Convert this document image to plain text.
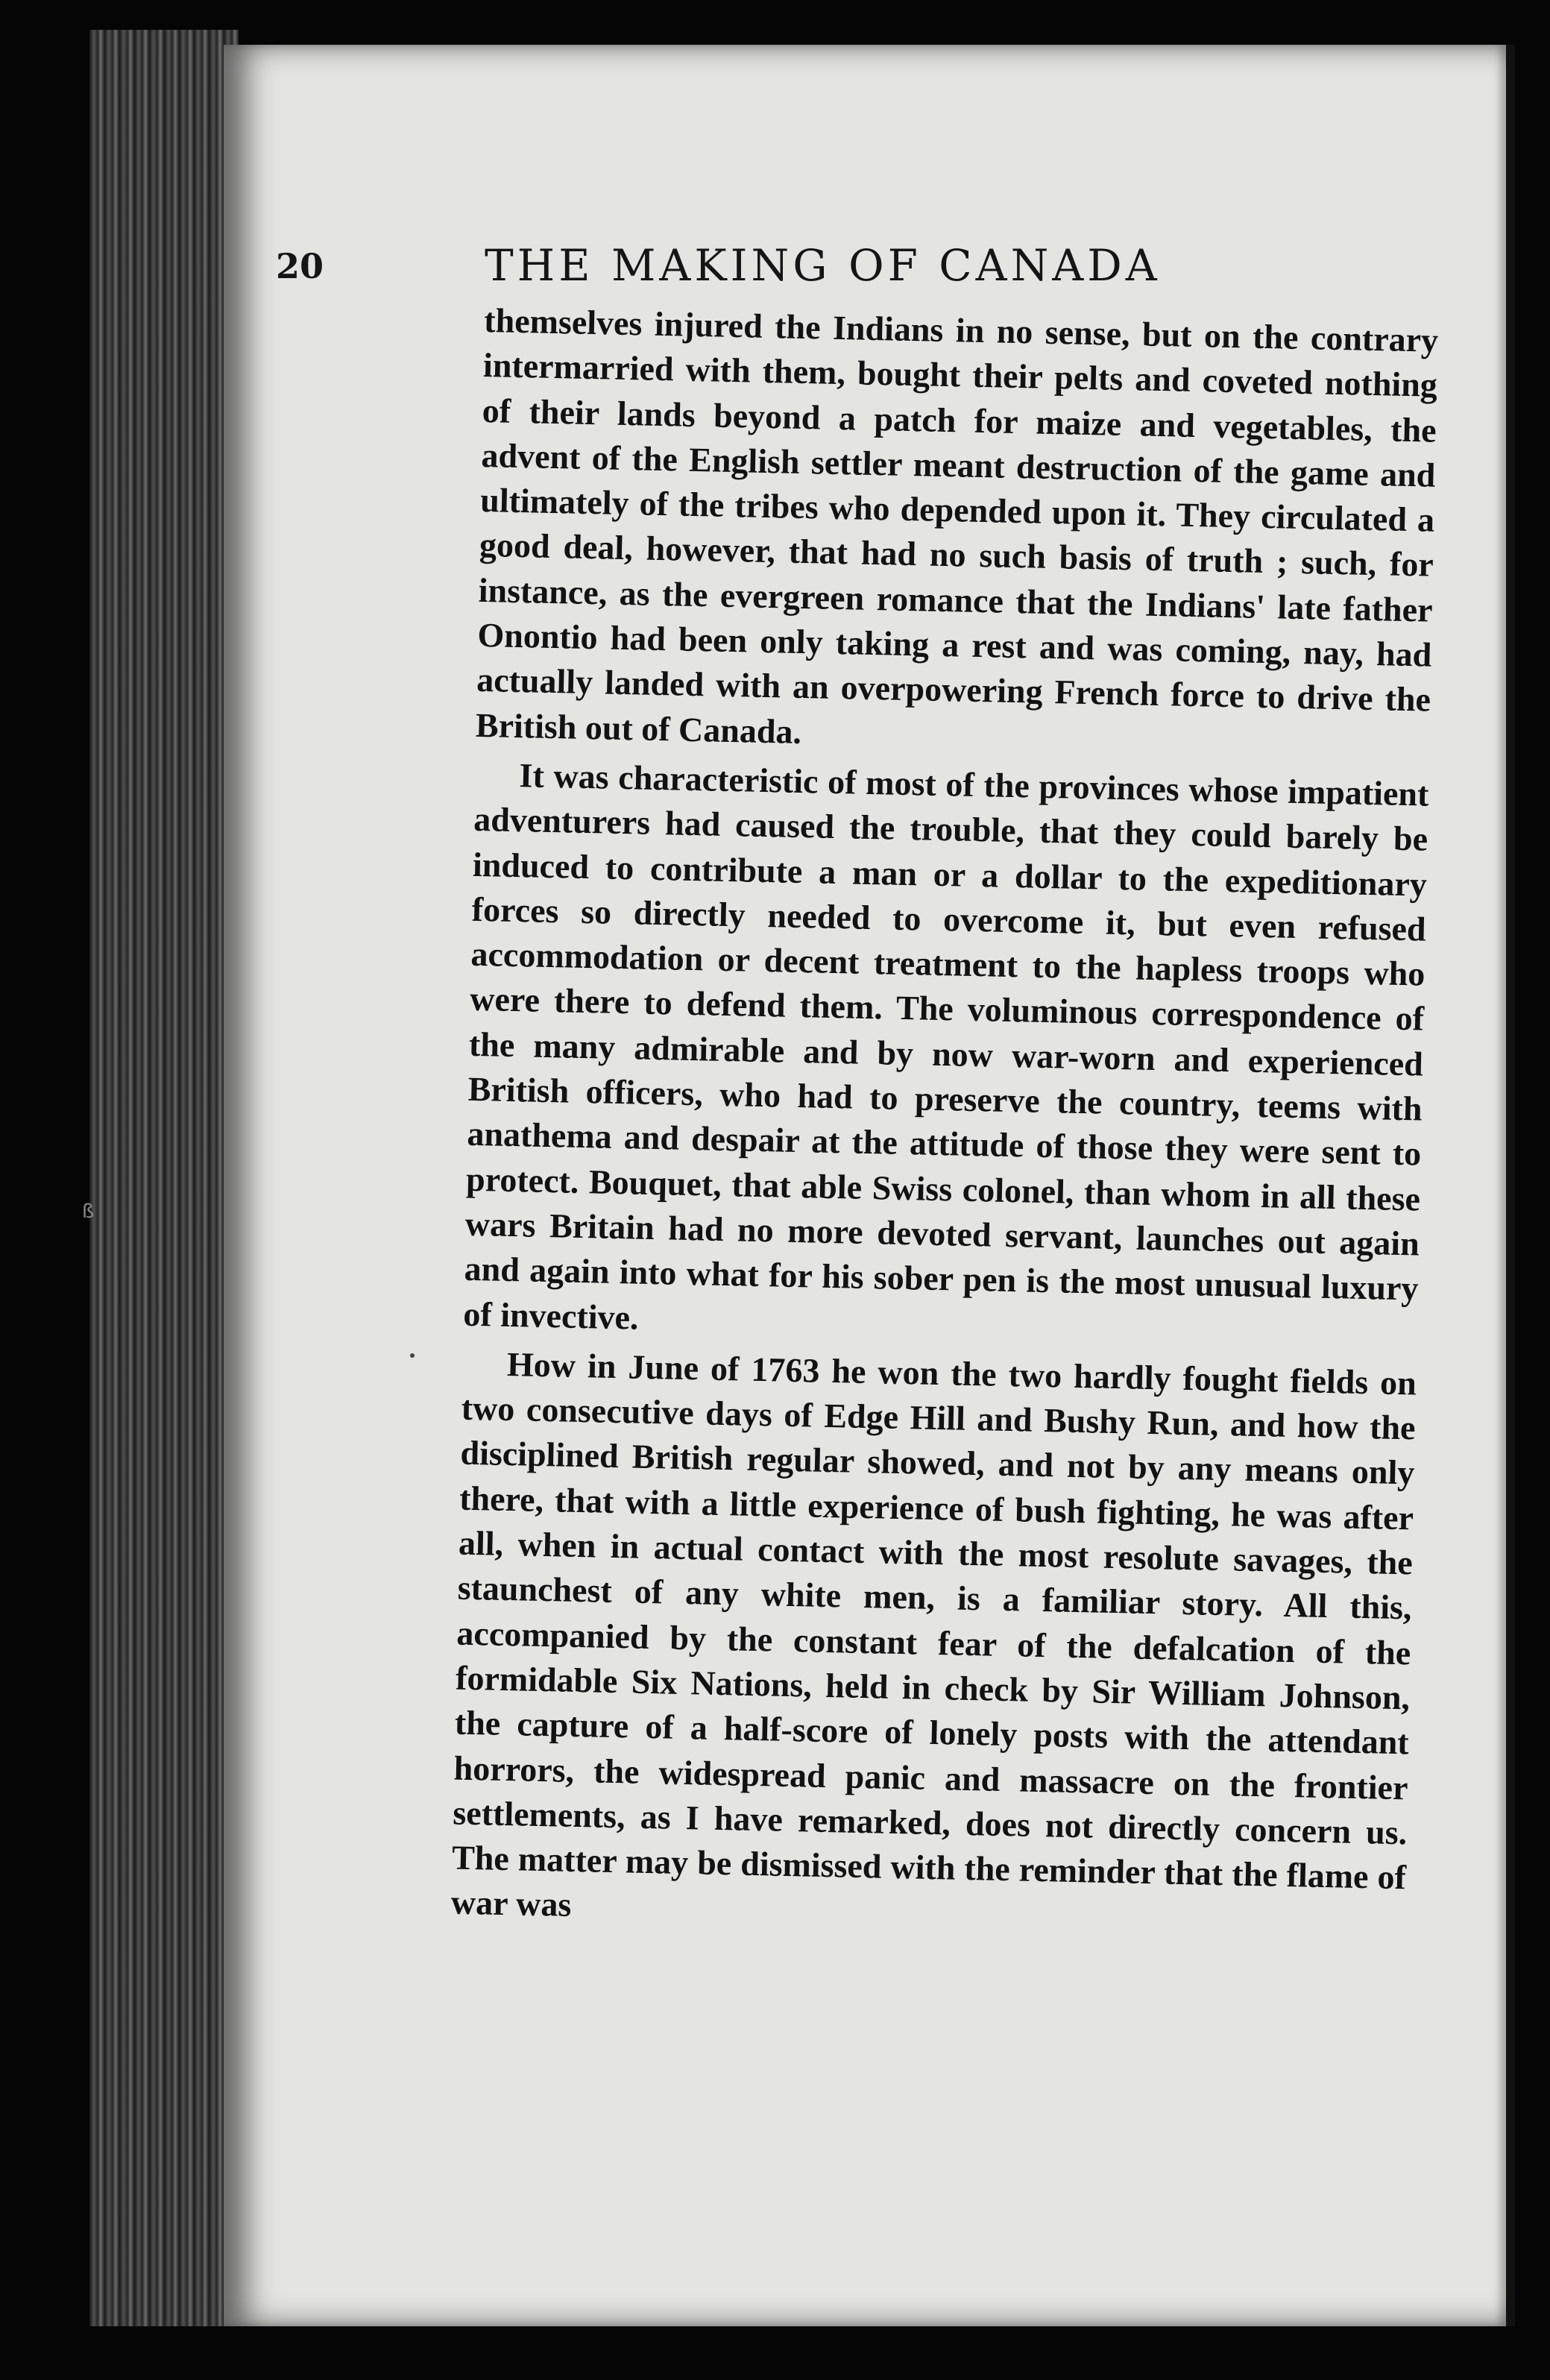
20	THE MAKING OF CANADA

themselves injured the Indians in no sense, but on the contrary intermarried with them, bought their pelts and coveted nothing of their lands beyond a patch for maize and vegetables, the advent of the English settler meant destruction of the game and ultimately of the tribes who depended upon it. They circulated a good deal, however, that had no such basis of truth ; such, for instance, as the evergreen romance that the Indians' late father Onontio had been only taking a rest and was coming, nay, had actually landed with an overpowering French force to drive the British out of Canada.

It was characteristic of most of the provinces whose impatient adventurers had caused the trouble, that they could barely be induced to contribute a man or a dollar to the expeditionary forces so directly needed to overcome it, but even refused accommodation or decent treatment to the hapless troops who were there to defend them. The voluminous correspondence of the many admirable and by now war-worn and experienced British officers, who had to preserve the country, teems with anathema and despair at the attitude of those they were sent to protect. Bouquet, that able Swiss colonel, than whom in all these wars Britain had no more devoted servant, launches out again and again into what for his sober pen is the most unusual luxury of invective.

How in June of 1763 he won the two hardly fought fields on two consecutive days of Edge Hill and Bushy Run, and how the disciplined British regular showed, and not by any means only there, that with a little experience of bush fighting, he was after all, when in actual contact with the most resolute savages, the staunchest of any white men, is a familiar story. All this, accompanied by the constant fear of the defalcation of the formidable Six Nations, held in check by Sir William Johnson, the capture of a half-score of lonely posts with the attendant horrors, the widespread panic and massacre on the frontier settlements, as I have remarked, does not directly concern us. The matter may be dismissed with the reminder that the flame of war was

ß
